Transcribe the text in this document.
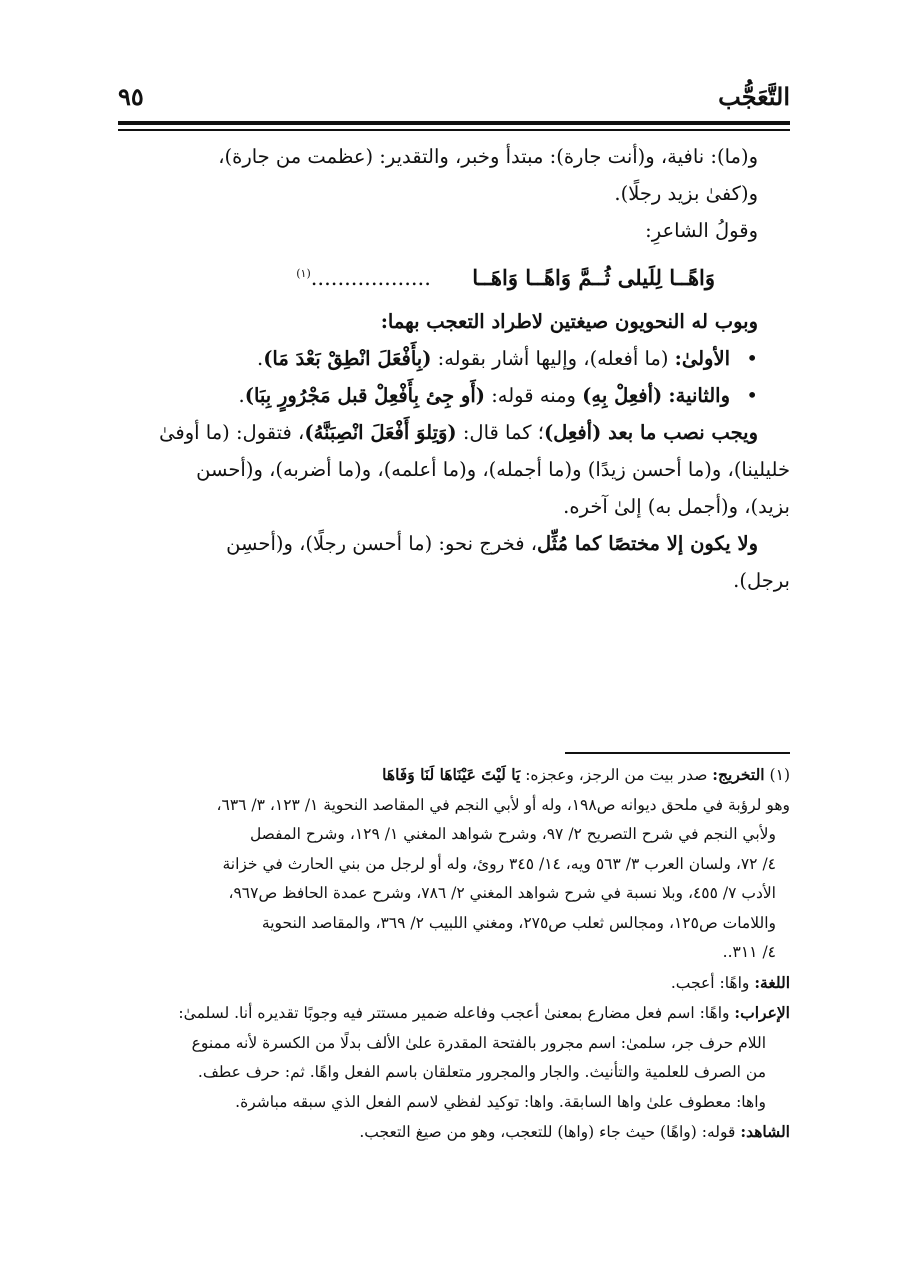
التَّعَجُّب
٩٥

و(ما): نافية، و(أنت جارة): مبتدأ وخبر، والتقدير: (عظمت من جارة)،

و(كفىٰ بزيد رجلًا).

وقولُ الشاعرِ:

وَاهًــا لِلَيلى ثُــمَّ وَاهًــا وَاهَــا ..................$^{(١)}$

وبوب له النحويون صيغتين لاطراد التعجب بهما:

• الأولىٰ: (ما أفعله)، وإليها أشار بقوله: (بِأَفْعَلَ انْطِقْ بَعْدَ مَا).

• والثانية: (أفعِلْ بِهِ) ومنه قوله: (أَو جِئ بِأَفْعِلْ قبل مَجْرُورٍ بِبَا).

ويجب نصب ما بعد (أفعِل)؛ كما قال: (وَتِلوَ أَفْعَلَ انْصِبَنَّهُ)، فتقول: (ما أوفىٰ

خليلينا)، و(ما أحسن زيدًا) و(ما أجمله)، و(ما أعلمه)، و(ما أضربه)، و(أحسن

بزيد)، و(أجمل به) إلىٰ آخره.

ولا يكون إلا مختصًا كما مُثِّل، فخرج نحو: (ما أحسن رجلًا)، و(أحسِن

برجل).

(١) التخريج: صدر بيت من الرجز، وعجزه: يَا لَيْتَ عَيْنَاهَا لَنَا وَفَاهَا

وهو لرؤبة في ملحق ديوانه ص١٩٨، وله أو لأبي النجم في المقاصد النحوية ١/ ١٢٣، ٣/ ٦٣٦،

ولأبي النجم في شرح التصريح ٢/ ٩٧، وشرح شواهد المغني ١/ ١٢٩، وشرح المفصل

٤/ ٧٢، ولسان العرب ٣/ ٥٦٣ ويه، ١٤/ ٣٤٥ روئ، وله أو لرجل من بني الحارث في خزانة

الأدب ٧/ ٤٥٥، وبلا نسبة في شرح شواهد المغني ٢/ ٧٨٦، وشرح عمدة الحافظ ص٩٦٧،

واللامات ص١٢٥، ومجالس ثعلب ص٢٧٥، ومغني اللبيب ٢/ ٣٦٩، والمقاصد النحوية

٤/ ٣١١..

اللغة: واهًا: أعجب.

الإعراب: واهًا: اسم فعل مضارع بمعنىٰ أعجب وفاعله ضمير مستتر فيه وجوبًا تقديره أنا. لسلمىٰ:

اللام حرف جر، سلمىٰ: اسم مجرور بالفتحة المقدرة علىٰ الألف بدلًا من الكسرة لأنه ممنوع

من الصرف للعلمية والتأنيث. والجار والمجرور متعلقان باسم الفعل واهًا. ثم: حرف عطف.

واها: معطوف علىٰ واها السابقة. واها: توكيد لفظي لاسم الفعل الذي سبقه مباشرة.

الشاهد: قوله: (واهًا) حيث جاء (واها) للتعجب، وهو من صيغ التعجب.
